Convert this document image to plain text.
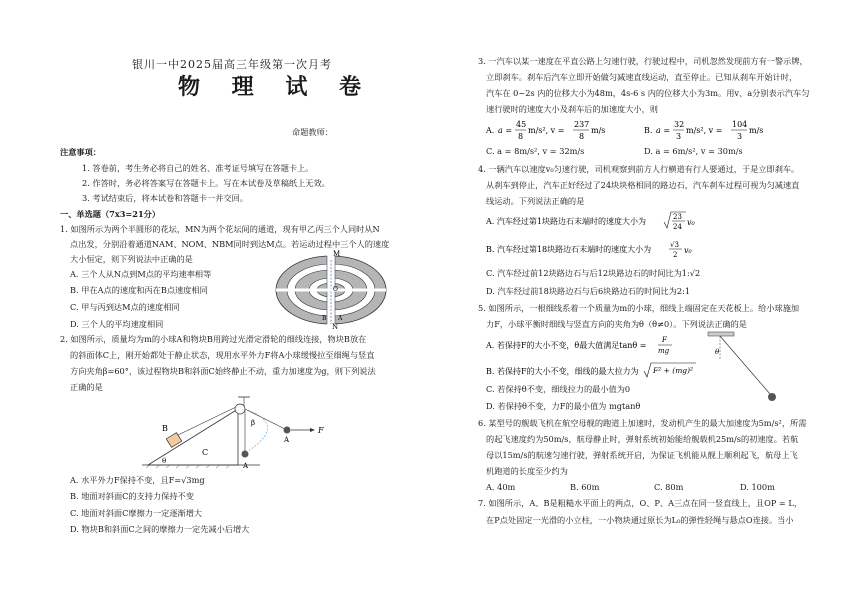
银川一中2025届高三年级第一次月考
物 理 试 卷
命题教师：
注意事项：
1. 答卷前，考生务必将自己的姓名、准考证号填写在答题卡上。
2. 作答时，务必将答案写在答题卡上。写在本试卷及草稿纸上无效。
3. 考试结束后，将本试卷和答题卡一并交回。
一、单选题（7x3=21分）
1. 如图所示为两个半圆形的花坛，MN为两个花坛间的通道，现有甲乙丙三个人同时从N
点出发，分别沿着通道NAM、NOM、NBM同时到达M点。若运动过程中三个人的速度
大小恒定，则下列说法中正确的是
A. 三个人从N点到M点的平均速率相等
B. 甲在A点的速度和丙在B点速度相同
C. 甲与丙到达M点的速度相同
D. 三个人的平均速度相同
M
N
O
A
B
2. 如图所示，质量均为m的小球A和物块B用跨过光滑定滑轮的细线连接，物块B放在
的斜面体C上，刚开始都处于静止状态，现用水平外力F将A小球缓慢拉至细绳与竖直
方向夹角β=60°，该过程物块B和斜面C始终静止不动，重力加速度为g，则下列说法
正确的是
B
C
θ
β
A
A
F
A. 水平外力F保持不变，且F=√3mg
B. 地面对斜面C的支持力保持不变
C. 地面对斜面C摩擦力一定逐渐增大
D. 物块B和斜面C之间的摩擦力一定先减小后增大
3. 一汽车以某一速度在平直公路上匀速行驶，行驶过程中，司机忽然发现前方有一警示牌，
立即刹车。刹车后汽车立即开始做匀减速直线运动，直至停止。已知从刹车开始计时，
汽车在 0~2s 内的位移大小为48m，4s-6 s 内的位移大小为3m。用v、a分别表示汽车匀
速行驶时的速度大小及刹车后的加速度大小，则
A. a =
45
8
m/s², v =
237
8
m/s	B. a =
32
3
m/s², v =
104
3
m/s
C. a = 8m/s², v = 32m/s	D. a = 6m/s², v = 30m/s
4. 一辆汽车以速度v₀匀速行驶，司机观察到前方人行横道有行人要通过，于是立即刹车。
从刹车到停止，汽车正好经过了24块块格相同的路边石，汽车刹车过程可视为匀减速直
线运动。下列说法正确的是
A. 汽车经过第1块路边石末端时的速度大小为	23
24 v₀
B. 汽车经过第18块路边石末端时的速度大小为	√3
2 v₀
C. 汽车经过前12块路边石与后12块路边石的时间比为1:√2
D. 汽车经过前18块路边石与后6块路边石的时间比为2:1
5. 如图所示，一根细线系着一个质量为m的小球，细线上端固定在天花板上。给小球施加
力F，小球平衡时细线与竖直方向的夹角为θ（θ≠0）。下列说法正确的是
A. 若保持F的大小不变，θ最大值满足tanθ =
F
mg
B. 若保持F的大小不变，细线的最大拉力为 F² + (mg)²
C. 若保持θ不变，细线拉力的最小值为0
D. 若保持θ不变，力F的最小值为 mgtanθ
θ
6. 某型号的舰载飞机在航空母舰的跑道上加速时，发动机产生的最大加速度为5m/s²，所需
的起飞速度约为50m/s，航母静止时，弹射系统初始能给舰载机25m/s的初速度。若航
母以15m/s的航速匀速行驶，弹射系统开启，为保证飞机能从舰上顺利起飞，航母上飞
机跑道的长度至少约为
A. 40m	B. 60m	C. 80m	D. 100m
7. 如图所示，A、B是粗糙水平面上的两点，O、P、A三点在同一竖直线上，且OP = L，
在P点处固定一光滑的小立柱，一小物块通过原长为L₀的弹性轻绳与悬点O连接。当小
